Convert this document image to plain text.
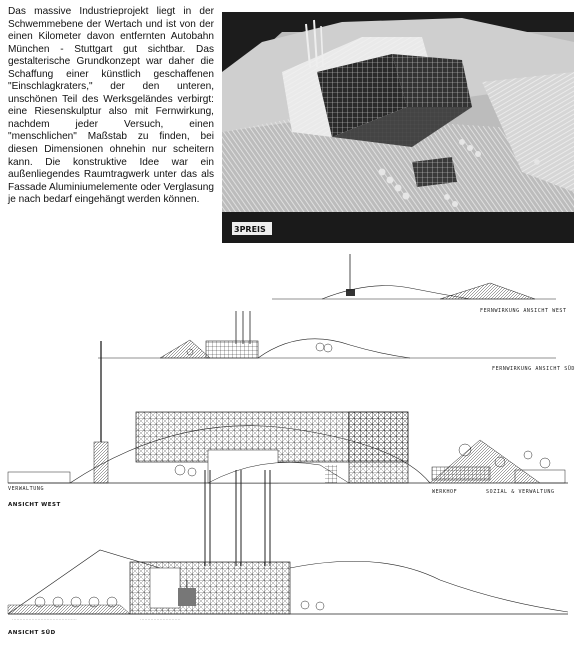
Das massive Industrieprojekt liegt in der Schwemmebene der Wertach und ist von der einen Kilometer davon entfernten Autobahn München - Stuttgart gut sichtbar. Das gestalterische Grundkonzept war daher die Schaffung einer künstlich geschaffenen "Einschlagkraters," der den unteren, unschönen Teil des Werksgeländes verbirgt: eine Riesenskulptur also mit Fernwirkung, nachdem jeder Versuch, einen "menschlichen" Maßstab zu finden, bei diesen Dimensionen ohnehin nur scheitern kann. Die konstruktive Idee war ein außenliegendes Raumtragwerk unter das als Fassade Aluminiumelemente oder Verglasung je nach bedarf eingehängt werden können.

3PREIS
FERNWIRKUNG ANSICHT WEST
FERNWIRKUNG ANSICHT SÜD
VERWALTUNG
ANSICHT WEST
WERKHOF	SOZIAL & VERWALTUNG
···········································	···························
ANSICHT SÜD
